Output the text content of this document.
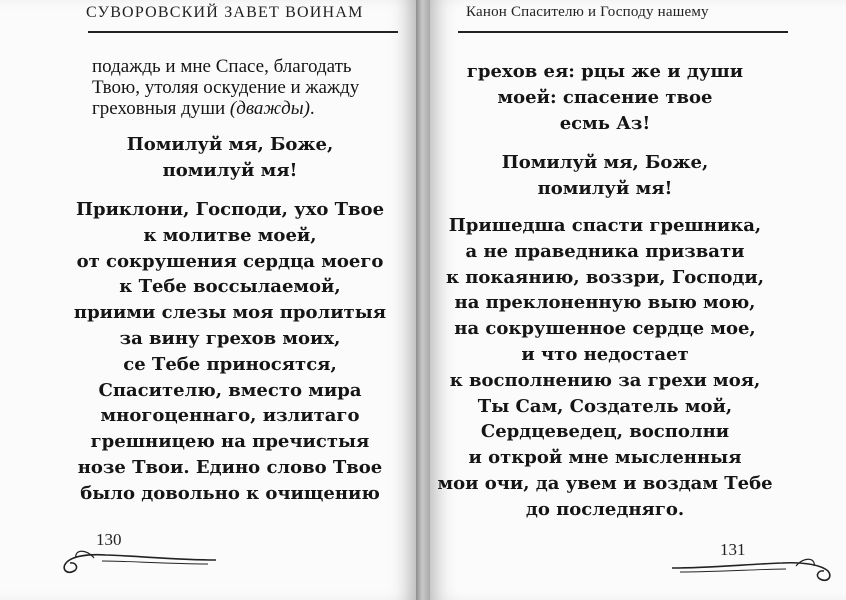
СУВОРОВСКИЙ ЗАВЕТ ВОИНАМ
подаждь и мне Спасе, благодать
Твою, утоляя оскудение и жажду
греховныя души (дважды).
Помилуй мя, Боже,
помилуй мя!
Приклони, Господи, ухо Твое
к молитве моей,
от сокрушения сердца моего
к Тебе воссылаемой,
приими слезы моя пролитыя
за вину грехов моих,
се Тебе приносятся,
Спасителю, вместо мира
многоценнаго, излитаго
грешницею на пречистыя
нозе Твои. Едино слово Твое
было довольно к очищению
130
Канон Спасителю и Господу нашему
грехов ея: рцы же и души
моей: спасение твое
есмь Аз!
Помилуй мя, Боже,
помилуй мя!
Пришедша спасти грешника,
а не праведника призвати
к покаянию, воззри, Господи,
на преклоненную выю мою,
на сокрушенное сердце мое,
и что недостает
к восполнению за грехи моя,
Ты Сам, Создатель мой,
Сердцеведец, восполни
и открой мне мысленныя
мои очи, да увем и воздам Тебе
до последняго.
131
